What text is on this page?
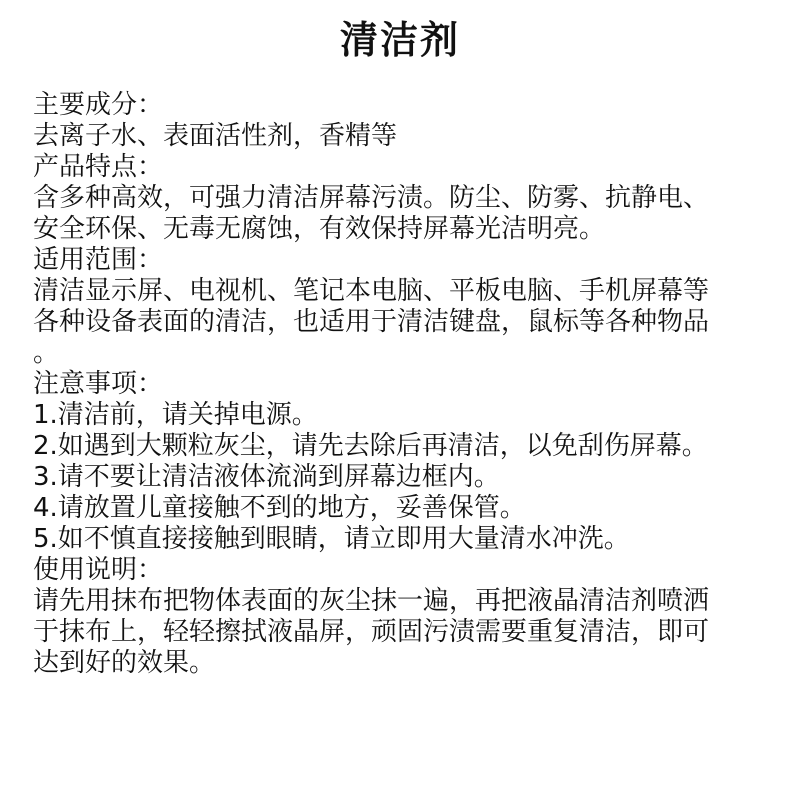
清洁剂
主要成分：
去离子水、表面活性剂，香精等
产品特点：
含多种高效，可强力清洁屏幕污渍。防尘、防雾、抗静电、
安全环保、无毒无腐蚀，有效保持屏幕光洁明亮。
适用范围：
清洁显示屏、电视机、笔记本电脑、平板电脑、手机屏幕等
各种设备表面的清洁，也适用于清洁键盘，鼠标等各种物品
。
注意事项：
1.清洁前，请关掉电源。
2.如遇到大颗粒灰尘，请先去除后再清洁，以免刮伤屏幕。
3.请不要让清洁液体流淌到屏幕边框内。
4.请放置儿童接触不到的地方，妥善保管。
5.如不慎直接接触到眼睛，请立即用大量清水冲洗。
使用说明：
请先用抹布把物体表面的灰尘抹一遍，再把液晶清洁剂喷洒
于抹布上，轻轻擦拭液晶屏，顽固污渍需要重复清洁，即可
达到好的效果。
